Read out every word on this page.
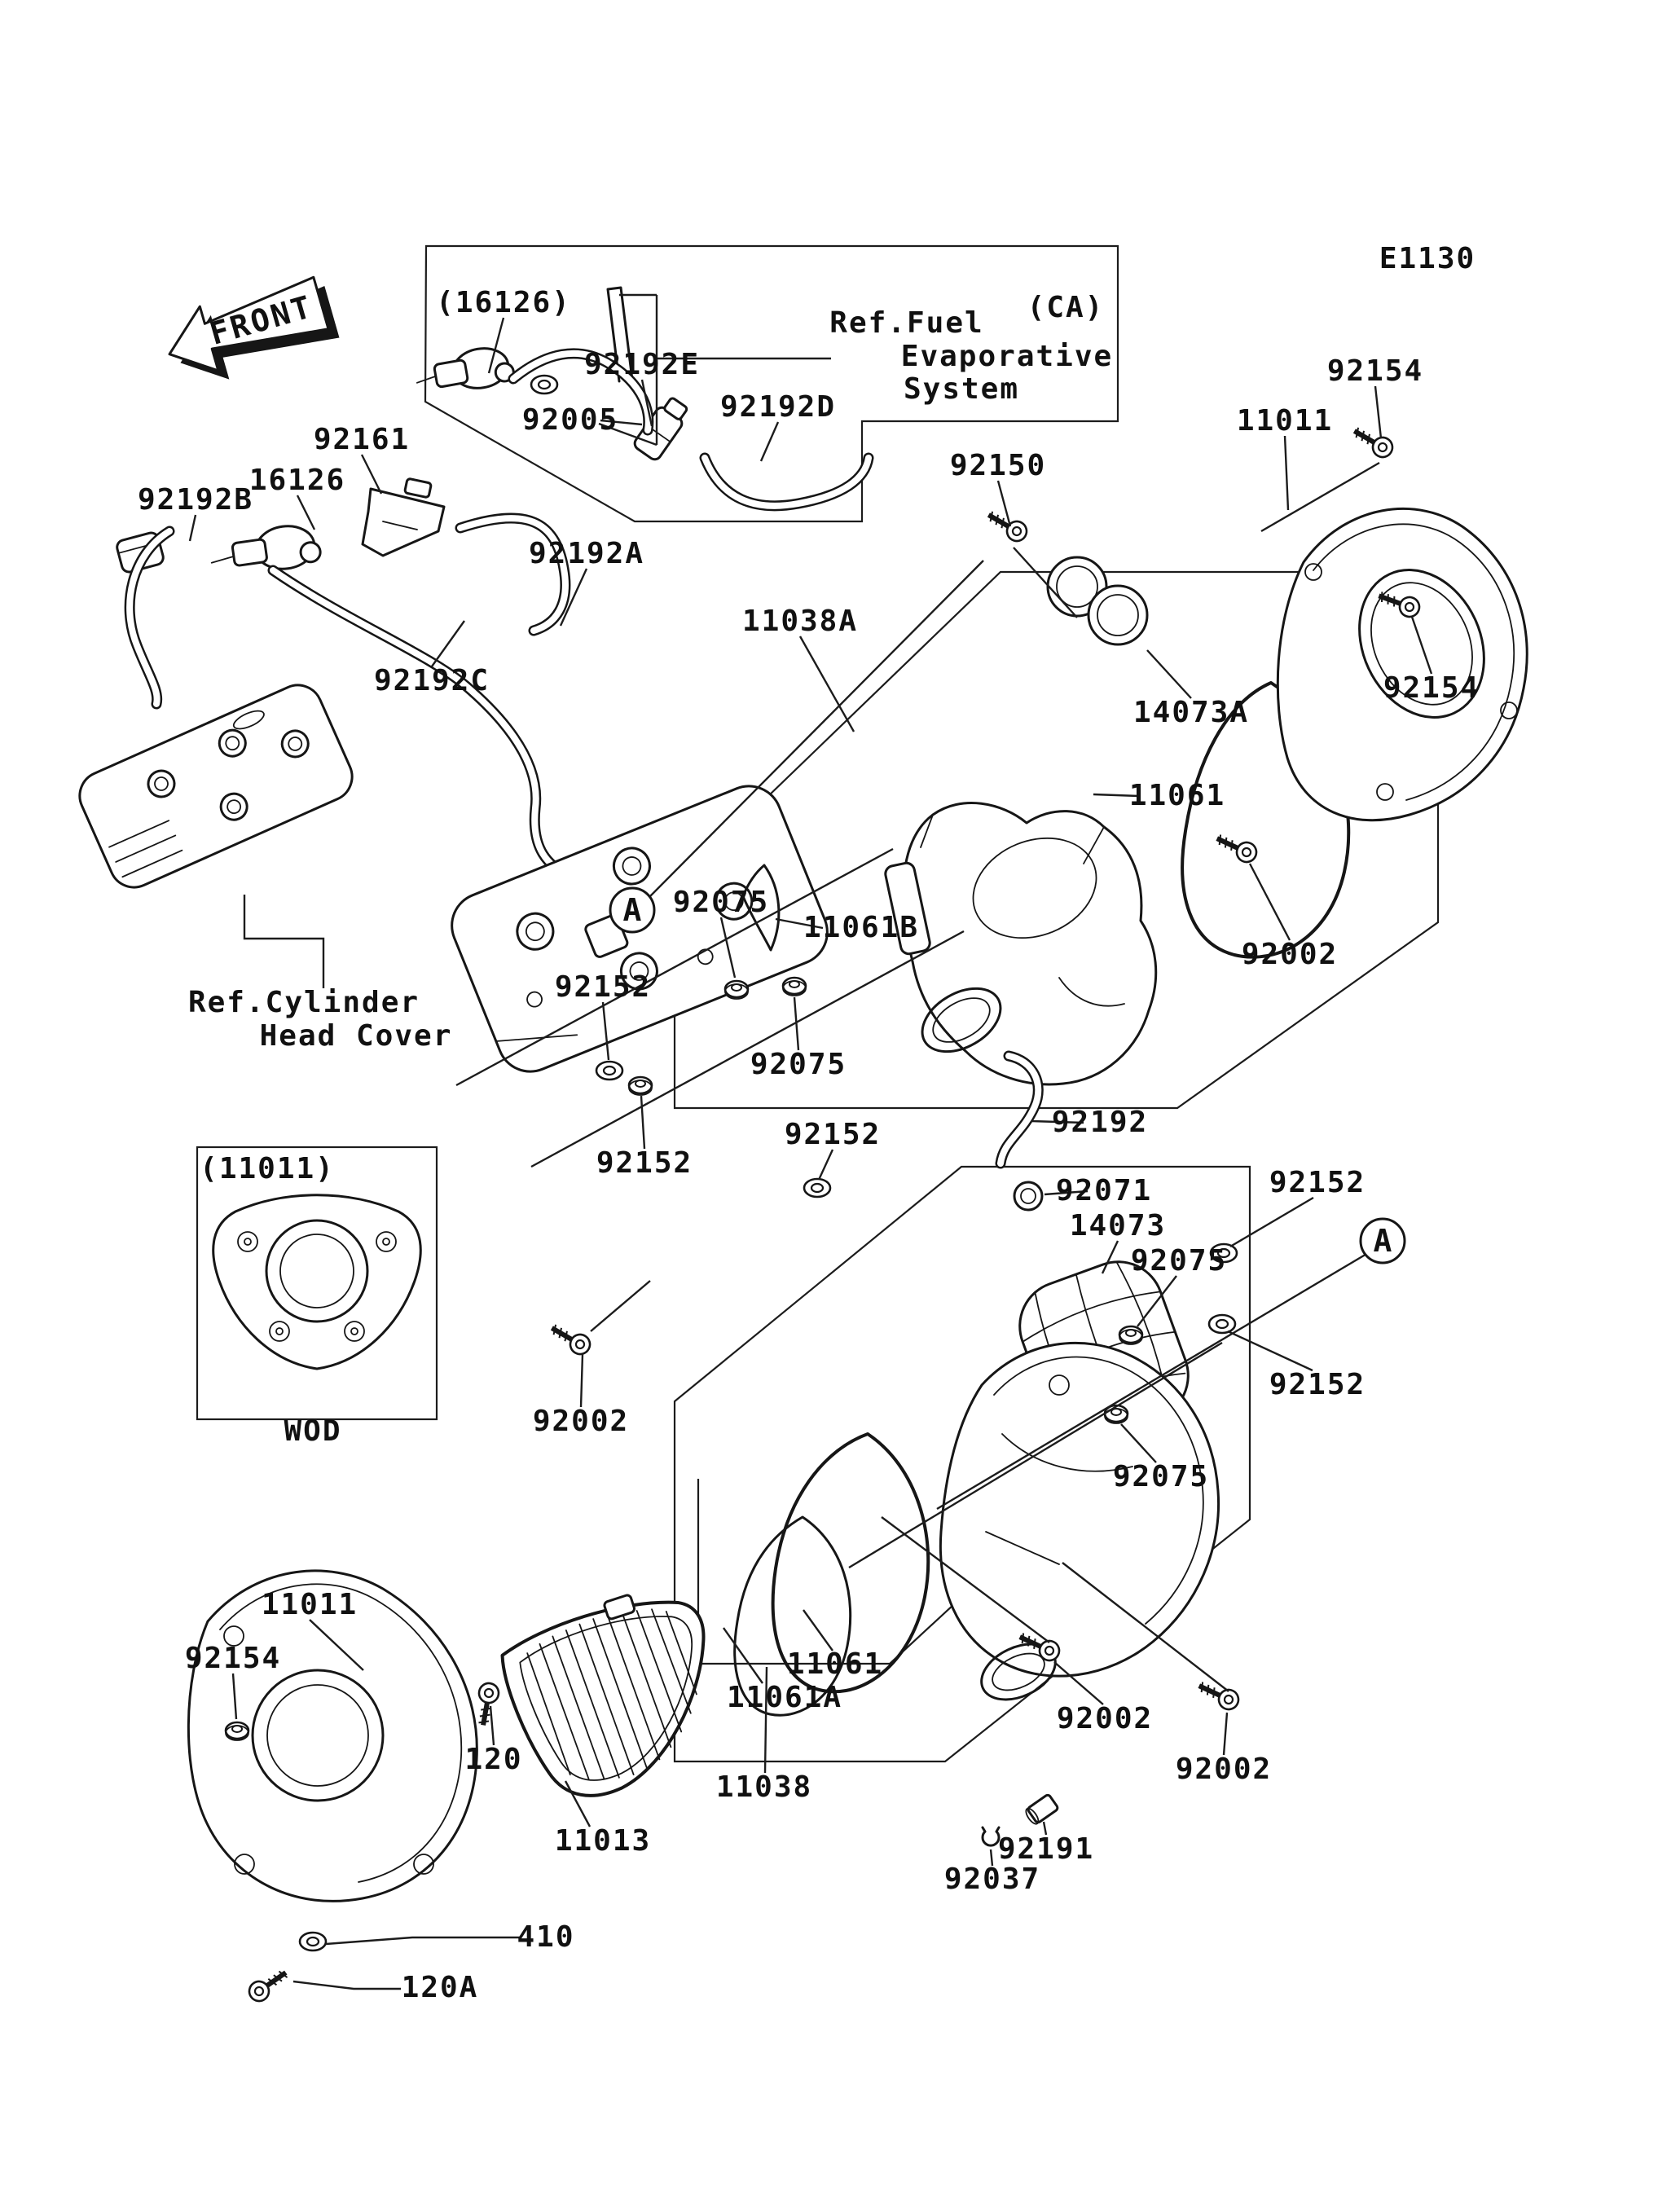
FRONT
A
A
(16126)
92192E
(CA)
Ref.Fuel
Evaporative
System
92005	92192D
92150
92154
11011
92161
16126
92192B
92192A
92192C
11038A
14073A
11061
92154
92002
92075
11061B
92152
92075
92152
Ref.Cylinder
Head Cover
92152	92192
92071
14073
92075
92152
92152
92075
(11011)
WOD	92002
92002
92002
11011
92154
120
11013
11061
11061A
11038
410
120A
92191
92037
E1130
